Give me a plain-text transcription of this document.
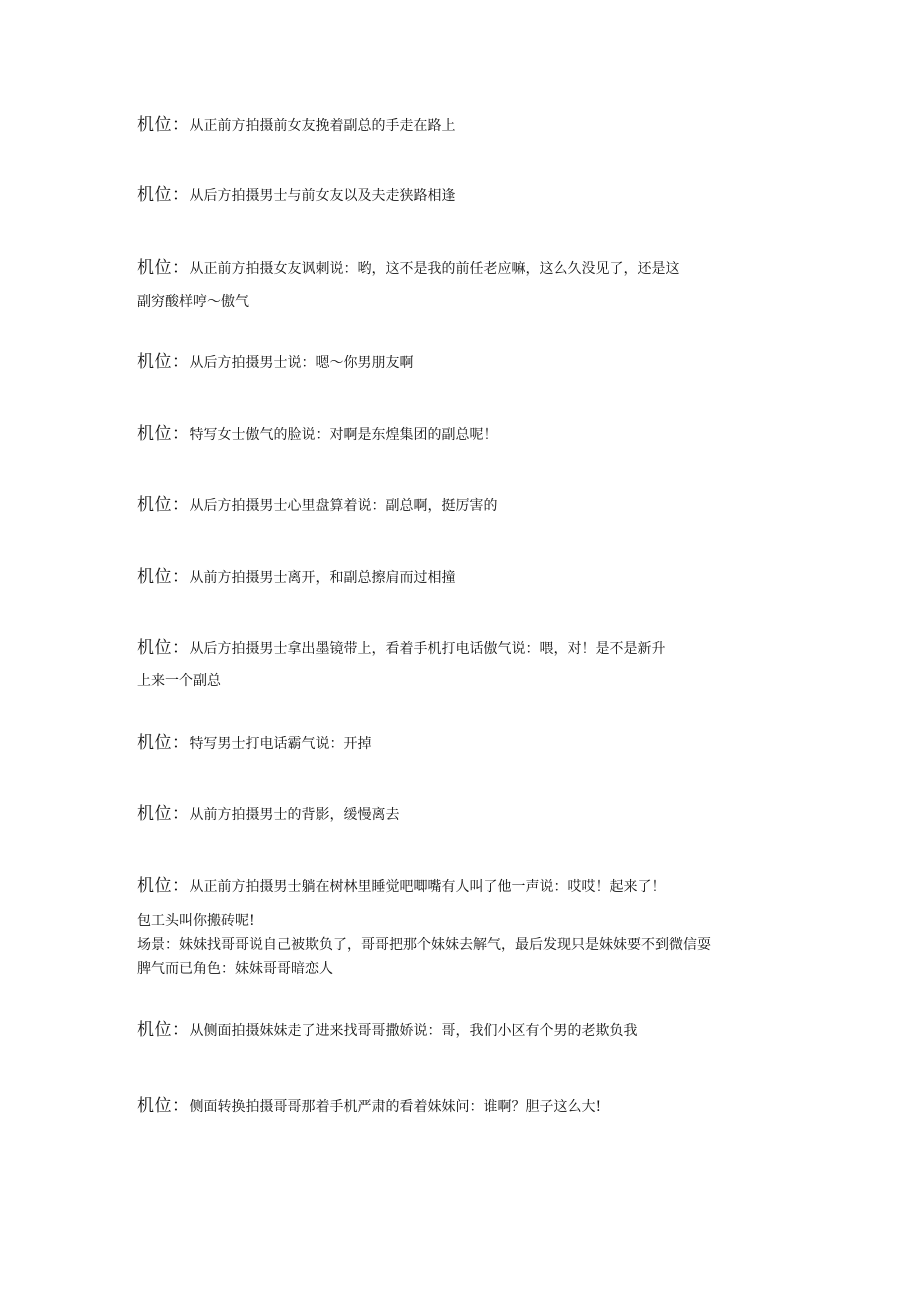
机位：从正前方拍摄前女友挽着副总的手走在路上
机位：从后方拍摄男士与前女友以及夫走狭路相逢
机位：从正前方拍摄女友讽刺说：哟，这不是我的前任老应嘛，这么久没见了，还是这
副穷酸样哼～傲气
机位：从后方拍摄男士说：嗯～你男朋友啊
机位：特写女士傲气的脸说：对啊是东煌集团的副总呢！
机位：从后方拍摄男士心里盘算着说：副总啊，挺厉害的
机位：从前方拍摄男士离开，和副总擦肩而过相撞
机位：从后方拍摄男士拿出墨镜带上，看着手机打电话傲气说：喂，对！是不是新升
上来一个副总
机位：特写男士打电话霸气说：开掉
机位：从前方拍摄男士的背影，缓慢离去
机位：从正前方拍摄男士躺在树林里睡觉吧唧嘴有人叫了他一声说：哎哎！起来了！
包工头叫你搬砖呢!
场景：妹妹找哥哥说自己被欺负了，哥哥把那个妹妹去解气，最后发现只是妹妹要不到微信耍
脾气而已角色：妹妹哥哥暗恋人
机位：从侧面拍摄妹妹走了进来找哥哥撒娇说：哥，我们小区有个男的老欺负我
机位：侧面转换拍摄哥哥那着手机严肃的看着妹妹问：谁啊？胆子这么大!
